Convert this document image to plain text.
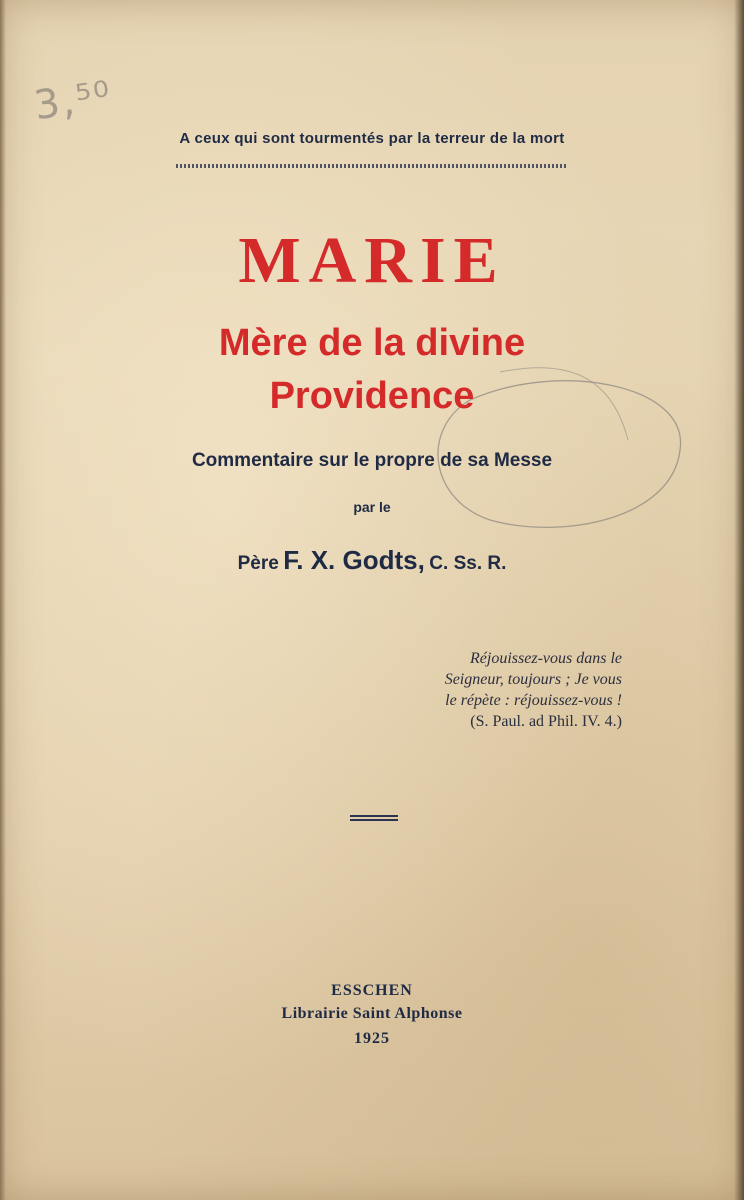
3,⁵⁰
A ceux qui sont tourmentés par la terreur de la mort
MARIE
Mère de la divine
Providence
Commentaire sur le propre de sa Messe
par le
Père F. X. Godts, C. Ss. R.
Réjouissez-vous dans le
Seigneur, toujours ; Je vous
le répète : réjouissez-vous !
(S. Paul. ad Phil. IV. 4.)
ESSCHEN
Librairie Saint Alphonse
1925
